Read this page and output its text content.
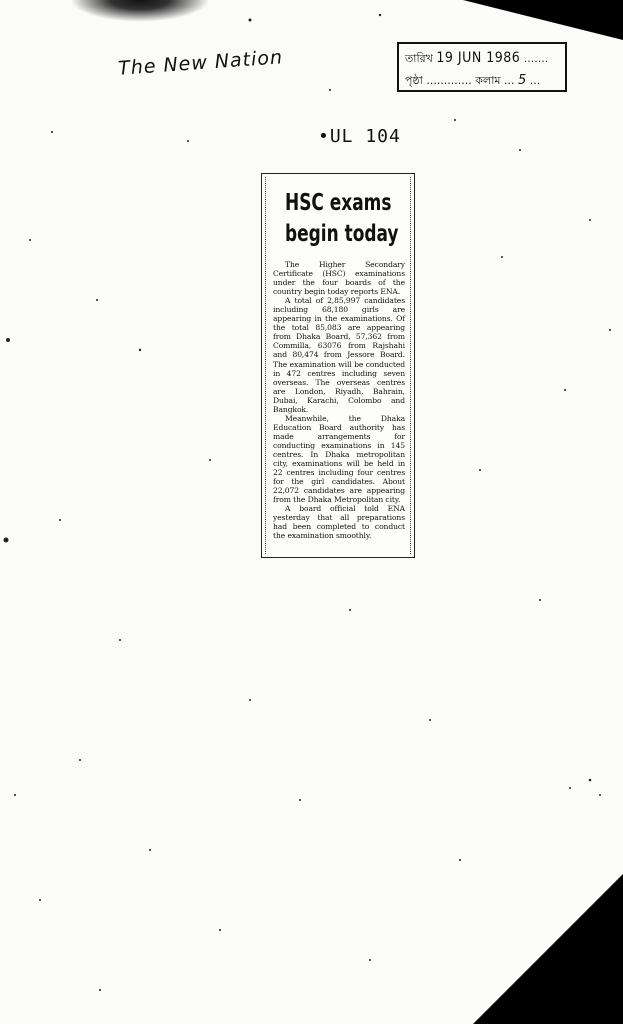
The New Nation	তারিখ 19 JUN 1986 .......
পৃষ্ঠা ............. কলাম ... 5 ...
•UL 104
HSC exams
begin today

The Higher Secondary Certificate (HSC) examinations under the four boards of the country begin today reports ENA.

A total of 2,85,997 candidates including 68,180 girls are appearing in the examinations. Of the total 85,083 are appearing from Dhaka Board, 57,362 from Commilla, 63076 from Rajshahi and 80,474 from Jessore Board. The examination will be conducted in 472 centres including seven overseas. The overseas centres are London, Riyadh, Bahrain, Dubai, Karachi, Colombo and Bangkok.

Meanwhile, the Dhaka Education Board authority has made arrangements for conducting examinations in 145 centres. In Dhaka metropolitan city, examinations will be held in 22 centres including four centres for the girl candidates. About 22,072 candidates are appearing from the Dhaka Metropolitan city.

A board official told ENA yesterday that all preparations had been completed to conduct the examination smoothly.
